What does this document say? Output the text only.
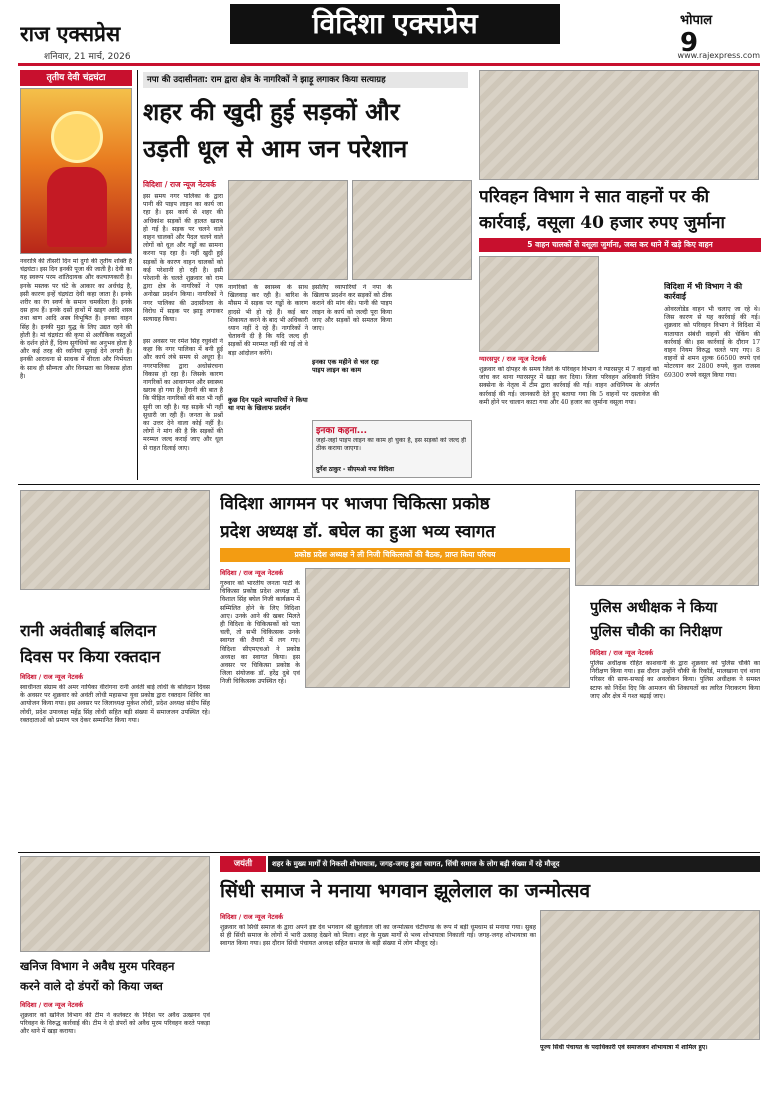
राज एक्सप्रेस
शनिवार, 21 मार्च, 2026
विदिशा एक्सप्रेस	भोपाल
9
www.rajexpress.com
तृतीय देवी चंद्रघंटा
नवरात्रि की तीसरी दिन मां दुर्गा की तृतीय शक्ति है चंद्रघंटा। इस दिन इनकी पूजा की जाती है। देवी का यह स्वरूप परम शांतिदायक और कल्याणकारी है। इनके मस्तक पर घंटे के आकार का अर्धचंद्र है, इसी कारण इन्हें चंद्रघंटा देवी कहा जाता है। इनके शरीर का रंग स्वर्ण के समान चमकीला है। इनके दस हाथ हैं। इनके दसों हाथों में खड्ग आदि शस्त्र तथा बाण आदि अस्त्र विभूषित हैं। इनका वाहन सिंह है। इनकी मुद्रा युद्ध के लिए उद्यत रहने की होती है। मां चंद्रघंटा की कृपा से अलौकिक वस्तुओं के दर्शन होते हैं, दिव्य सुगंधियों का अनुभव होता है और कई तरह की ध्वनियां सुनाई देने लगती हैं। इनकी आराधना से साधक में वीरता और निर्भयता के साथ ही सौम्यता और विनम्रता का विकास होता है।
नपा की उदासीनता: राम द्वारा क्षेत्र के नागरिकों ने झाड़ू लगाकर किया सत्याग्रह
शहर की खुदी हुई सड़कों और
उड़ती धूल से आम जन परेशान
विदिशा / राज न्यूज नेटवर्क
इस समय नगर पालिका के द्वारा पानी की पाइप लाइन का कार्य जा रहा है। इस कार्य से शहर की अधिकांश सड़कों की हालत खराब हो गई है। सड़क पर चलने वाले वाहन चालकों और पैदल चलने वाले लोगों को धूल और गड्ढों का सामना करना पड़ रहा है। नहीं खुदी हुई सड़कों के कारण वाहन चालकों को कई परेशानी हो रही है। इसी परेशानी के चलते शुक्रवार को राम द्वारा क्षेत्र के नागरिकों ने एक अनोखा प्रदर्शन किया। नागरिकों ने नगर पालिका की उदासीनता के विरोध में सड़क पर झाड़ू लगाकर सत्याग्रह किया।
इस अवसर पर रमेश सिंह रघुवंशी ने कहा कि नगर पालिका में बनी हुई और कार्य लंबे समय से अधूरा है। नगरपालिका द्वारा अधोसंरचना विकास हो रहा है। जिसके कारण नागरिकों का आवागमन और स्वास्थ्य खराब हो गया है। हैरानी की बात है कि पीड़ित नागरिकों की बात भी नहीं सुनी जा रही है। यह सड़कें भी नहीं सुधारी जा रही हैं। जनता के प्रश्नों का उत्तर देने वाला कोई नहीं है। लोगों ने मांग की है कि सड़कों की मरम्मत जल्द कराई जाए और धूल से राहत दिलाई जाए।
नागरिकों के स्वास्थ्य के साथ खिलवाड़ कर रही है। बारिश के मौसम में सड़क पर गड्ढों के कारण हादसे भी हो रहे हैं। कई बार शिकायत करने के बाद भी अधिकारी ध्यान नहीं दे रहे हैं। नागरिकों ने चेतावनी दी है कि यदि जल्द ही सड़कों की मरम्मत नहीं की गई तो वे बड़ा आंदोलन करेंगे।
कुछ दिन पहले व्यापारियों ने किया था नपा के खिलाफ प्रदर्शन
इसलिए व्यापारियों ने नपा के खिलाफ प्रदर्शन कर सड़कों को ठीक कराने की मांग की। पानी की पाइप लाइन के कार्य को जल्दी पूरा किया जाए और सड़कों को समतल किया जाए।
इनका एक महीने से चल रहा पाइप लाइन का काम
इनका कहना...
जहां-जहां पाइप लाइन का काम हो चुका है, इस सड़कों को जल्द ही ठीक कराया जाएगा।
दुर्गेश ठाकुर - सीएमओ नपा विदिशा
परिवहन विभाग ने सात वाहनों पर की
कार्रवाई, वसूला 40 हजार रुपए जुर्माना
5 वाहन चालकों से वसूला जुर्माना, जब्त कर थाने में खड़े किए वाहन
ग्यारसपुर / राज न्यूज नेटवर्क
शुक्रवार को दोपहर के समय जिले के परिवहन विभाग ने ग्यारसपुर में 7 वाहनों को जांच कर थाना ग्यारसपुर में खड़ा कर दिया। जिला परिवहन अधिकारी नितिन सक्सेना के नेतृत्व में टीम द्वारा कार्रवाई की गई। वाहन अधिनियम के अंतर्गत कार्रवाई की गई। जानकारी देते हुए बताया गया कि 5 वाहनों पर दस्तावेज की कमी होने पर चालान काटा गया और 40 हजार का जुर्माना वसूला गया।
विदिशा में भी विभाग ने की कार्रवाई
ओवरलोडेड वाहन भी चलाए जा रहे थे। जिस कारण से यह कार्रवाई की गई। शुक्रवार को परिवहन विभाग ने विदिशा में यातायात संबंधी वाहनों की चेकिंग की कार्रवाई की। इस कार्रवाई के दौरान 17 वाहन नियम विरुद्ध चलते पाए गए। 8 वाहनों से शमन शुल्क 66500 रुपये एवं मोटरयान कर 2800 रुपये, कुल राजस्व 69300 रुपये वसूल किया गया।
विदिशा आगमन पर भाजपा चिकित्सा प्रकोष्ठ
प्रदेश अध्यक्ष डॉ. बघेल का हुआ भव्य स्वागत
प्रकोष्ठ प्रदेश अध्यक्ष ने ली निजी चिकित्सकों की बैठक, प्राप्त किया परिचय
विदिशा / राज न्यूज नेटवर्क
गुरुवार को भारतीय जनता पार्टी के चिकित्सा प्रकोष्ठ प्रदेश अध्यक्ष डॉ. विशाल सिंह बघेल निजी कार्यक्रम में सम्मिलित होने के लिए विदिशा आए। उनके आने की खबर मिलते ही विदिशा के चिकित्सकों को पता चली, तो सभी चिकित्सक उनके स्वागत की तैयारी में लग गए। विदिशा सीएमएचओ ने प्रकोष्ठ अध्यक्ष का स्वागत किया। इस अवसर पर चिकित्सा प्रकोष्ठ के जिला संयोजक डॉ. हरेंद्र दुबे एवं निजी चिकित्सक उपस्थित रहे।
रानी अवंतीबाई बलिदान
दिवस पर किया रक्तदान
विदिशा / राज न्यूज नेटवर्क
स्वाधीनता संग्राम की अमर नायिका वीरांगना रानी अवंती बाई लोधी के बलिदान दिवस के अवसर पर शुक्रवार को अवंती लोधी महासभा युवा प्रकोष्ठ द्वारा रक्तदान शिविर का आयोजन किया गया। इस अवसर पर जिलाध्यक्ष मुकेश लोधी, प्रदेश अध्यक्ष संदीप सिंह लोधी, प्रदेश उपाध्यक्ष महेंद्र सिंह लोधी सहित बड़ी संख्या में समाजजन उपस्थित रहे। रक्तदाताओं को प्रमाण पत्र देकर सम्मानित किया गया।
पुलिस अधीक्षक ने किया
पुलिस चौकी का निरीक्षण
विदिशा / राज न्यूज नेटवर्क
पुलिस अधीक्षक रोहित काशवानी के द्वारा शुक्रवार को पुलिस चौकी का निरीक्षण किया गया। इस दौरान उन्होंने चौकी के रिकॉर्ड, मालखाना एवं थाना परिसर की साफ-सफाई का अवलोकन किया। पुलिस अधीक्षक ने समस्त स्टाफ को निर्देश दिए कि आमजन की शिकायतों का त्वरित निराकरण किया जाए और क्षेत्र में गश्त बढ़ाई जाए।
जयंती	शहर के मुख्य मार्गों से निकली शोभायात्रा, जगह-जगह हुआ स्वागत, सिंधी समाज के लोग बड़ी संख्या में रहे मौजूद
सिंधी समाज ने मनाया भगवान झूलेलाल का जन्मोत्सव
विदिशा / राज न्यूज नेटवर्क
शुक्रवार को सिंधी समाज के द्वारा अपने इष्ट देव भगवान श्री झूलेलाल जी का जन्मोत्सव चेटीचण्ड के रूप में बड़ी धूमधाम से मनाया गया। सुबह से ही सिंधी समाज के लोगों में भारी उत्साह देखने को मिला। शहर के मुख्य मार्गों से भव्य शोभायात्रा निकाली गई। जगह-जगह शोभायात्रा का स्वागत किया गया। इस दौरान सिंधी पंचायत अध्यक्ष सहित समाज के बड़ी संख्या में लोग मौजूद रहे।
पूज्य सिंधी पंचायत के पदाधिकारी एवं समाजजन शोभायात्रा में शामिल हुए।
खनिज विभाग ने अवैध मुरम परिवहन
करने वाले दो डंपरों को किया जब्त
विदिशा / राज न्यूज नेटवर्क
शुक्रवार को खनिज विभाग की टीम ने कलेक्टर के निर्देश पर अवैध उत्खनन एवं परिवहन के विरुद्ध कार्रवाई की। टीम ने दो डंपरों को अवैध मुरम परिवहन करते पकड़ा और थाने में खड़ा कराया।
